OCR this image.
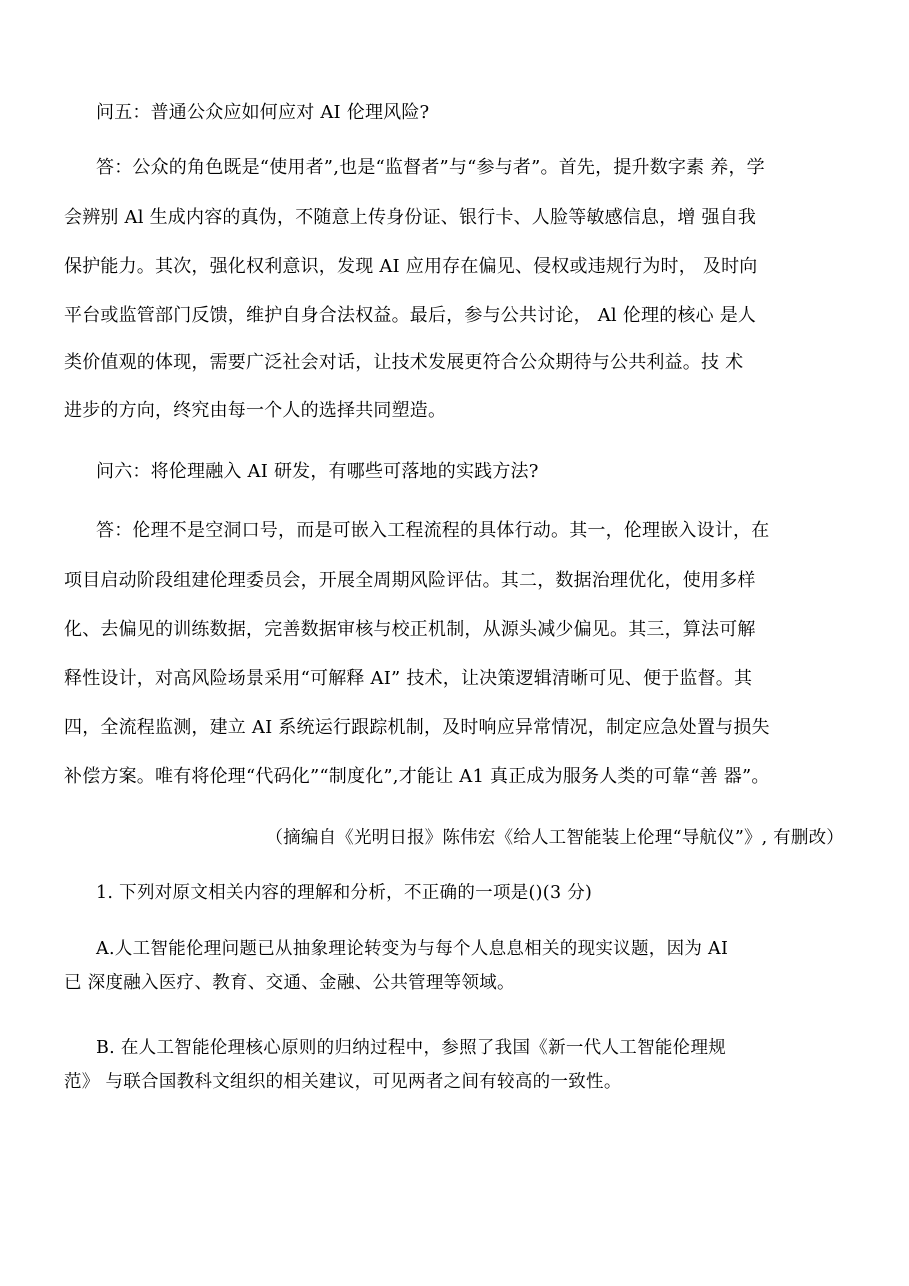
问五：普通公众应如何应对 AI 伦理风险?
答：公众的角色既是“使用者”,也是“监督者”与“参与者”。首先，提升数字素 养，学
会辨别 Al 生成内容的真伪，不随意上传身份证、银行卡、人脸等敏感信息，增 强自我
保护能力。其次，强化权利意识，发现 AI 应用存在偏见、侵权或违规行为时， 及时向
平台或监管部门反馈，维护自身合法权益。最后，参与公共讨论， Al 伦理的核心 是人
类价值观的体现，需要广泛社会对话，让技术发展更符合公众期待与公共利益。技 术
进步的方向，终究由每一个人的选择共同塑造。
问六：将伦理融入 AI 研发，有哪些可落地的实践方法?
答：伦理不是空洞口号，而是可嵌入工程流程的具体行动。其一，伦理嵌入设计，在
项目启动阶段组建伦理委员会，开展全周期风险评估。其二，数据治理优化，使用多样
化、去偏见的训练数据，完善数据审核与校正机制，从源头减少偏见。其三，算法可解
释性设计，对高风险场景采用“可解释 AI” 技术，让决策逻辑清晰可见、便于监督。其
四，全流程监测，建立 AI 系统运行跟踪机制，及时响应异常情况，制定应急处置与损失
补偿方案。唯有将伦理“代码化”“制度化”,才能让 A1 真正成为服务人类的可靠“善 器”。
（摘编自《光明日报》陈伟宏《给人工智能装上伦理“导航仪”》, 有删改）
1. 下列对原文相关内容的理解和分析，不正确的一项是()(3 分)
A.人工智能伦理问题已从抽象理论转变为与每个人息息相关的现实议题，因为 AI
已 深度融入医疗、教育、交通、金融、公共管理等领域。
B. 在人工智能伦理核心原则的归纳过程中，参照了我国《新一代人工智能伦理规
范》 与联合国教科文组织的相关建议，可见两者之间有较高的一致性。
